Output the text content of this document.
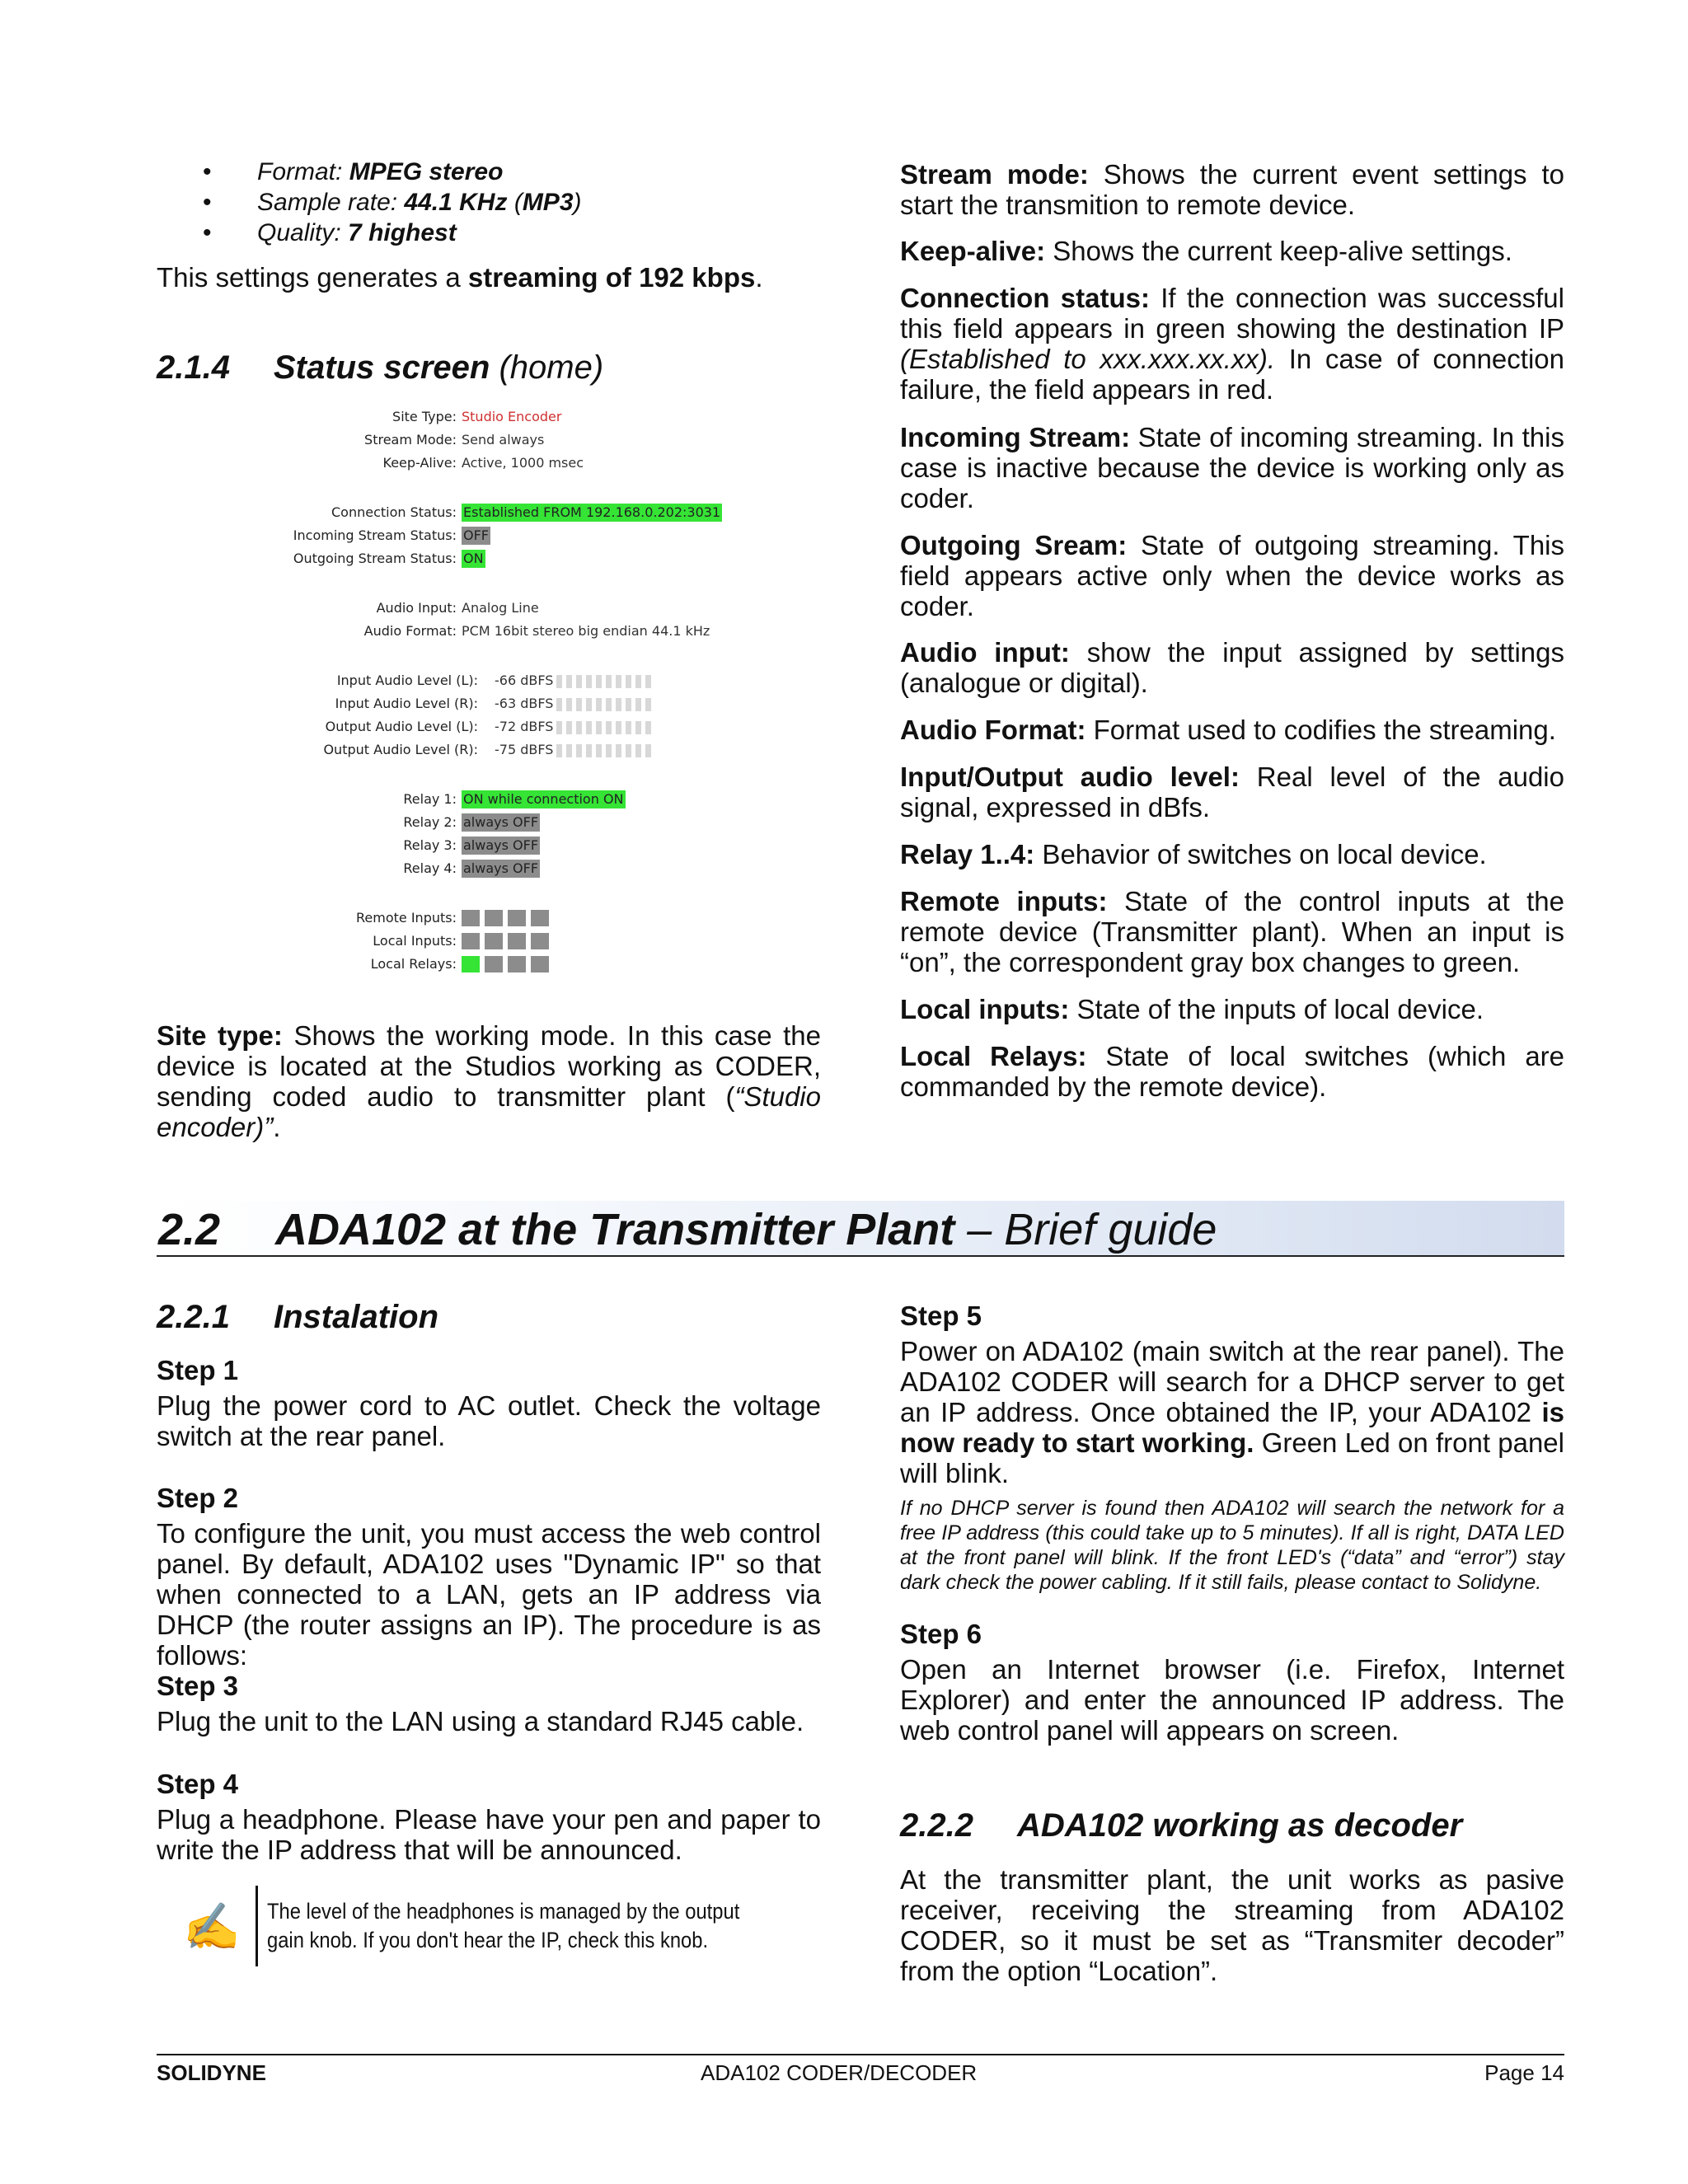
• Format: MPEG stereo
• Sample rate: 44.1 KHz (MP3)
• Quality: 7 highest

This settings generates a streaming of 192 kbps.

2.1.4 Status screen (home)
Site Type: Studio Encoder
Stream Mode: Send always
Keep-Alive: Active, 1000 msec
Connection Status: Established FROM 192.168.0.202:3031
Incoming Stream Status: OFF
Outgoing Stream Status: ON
Audio Input: Analog Line
Audio Format: PCM 16bit stereo big endian 44.1 kHz
Input Audio Level (L): -66 dBFS
Input Audio Level (R): -63 dBFS
Output Audio Level (L): -72 dBFS
Output Audio Level (R): -75 dBFS
Relay 1: ON while connection ON
Relay 2: always OFF
Relay 3: always OFF
Relay 4: always OFF
Remote Inputs:
Local Inputs:
Local Relays:

Site type: Shows the working mode. In this case the device is located at the Studios working as CODER, sending coded audio to transmitter plant (“Studio encoder)”.

Stream mode: Shows the current event settings to start the transmition to remote device.

Keep-alive: Shows the current keep-alive settings.

Connection status: If the connection was successful this field appears in green showing the destination IP (Established to xxx.xxx.xx.xx). In case of connection failure, the field appears in red.

Incoming Stream: State of incoming streaming. In this case is inactive because the device is working only as coder.

Outgoing Sream: State of outgoing streaming. This field appears active only when the device works as coder.

Audio input: show the input assigned by settings (analogue or digital).

Audio Format: Format used to codifies the streaming.

Input/Output audio level: Real level of the audio signal, expressed in dBfs.

Relay 1..4: Behavior of switches on local device.

Remote inputs: State of the control inputs at the remote device (Transmitter plant). When an input is “on”, the correspondent gray box changes to green.

Local inputs: State of the inputs of local device.

Local Relays: State of local switches (which are commanded by the remote device).

2.2 ADA102 at the Transmitter Plant – Brief guide
2.2.1 Instalation

Step 1

Plug the power cord to AC outlet. Check the voltage switch at the rear panel.

Step 2

To configure the unit, you must access the web control panel. By default, ADA102 uses "Dynamic IP" so that when connected to a LAN, gets an IP address via DHCP (the router assigns an IP). The procedure is as follows:

Step 3

Plug the unit to the LAN using a standard RJ45 cable.

Step 4

Plug a headphone. Please have your pen and paper to write the IP address that will be announced.

✍ The level of the headphones is managed by the output gain knob. If you don't hear the IP, check this knob.

Step 5

Power on ADA102 (main switch at the rear panel). The ADA102 CODER will search for a DHCP server to get an IP address. Once obtained the IP, your ADA102 is now ready to start working. Green Led on front panel will blink.

If no DHCP server is found then ADA102 will search the network for a free IP address (this could take up to 5 minutes). If all is right, DATA LED at the front panel will blink. If the front LED's (“data” and “error”) stay dark check the power cabling. If it still fails, please contact to Solidyne.

Step 6

Open an Internet browser (i.e. Firefox, Internet Explorer) and enter the announced IP address. The web control panel will appears on screen.

2.2.2 ADA102 working as decoder

At the transmitter plant, the unit works as pasive receiver, receiving the streaming from ADA102 CODER, so it must be set as “Transmiter decoder” from the option “Location”.

SOLIDYNE	ADA102 CODER/DECODER	Page 14
